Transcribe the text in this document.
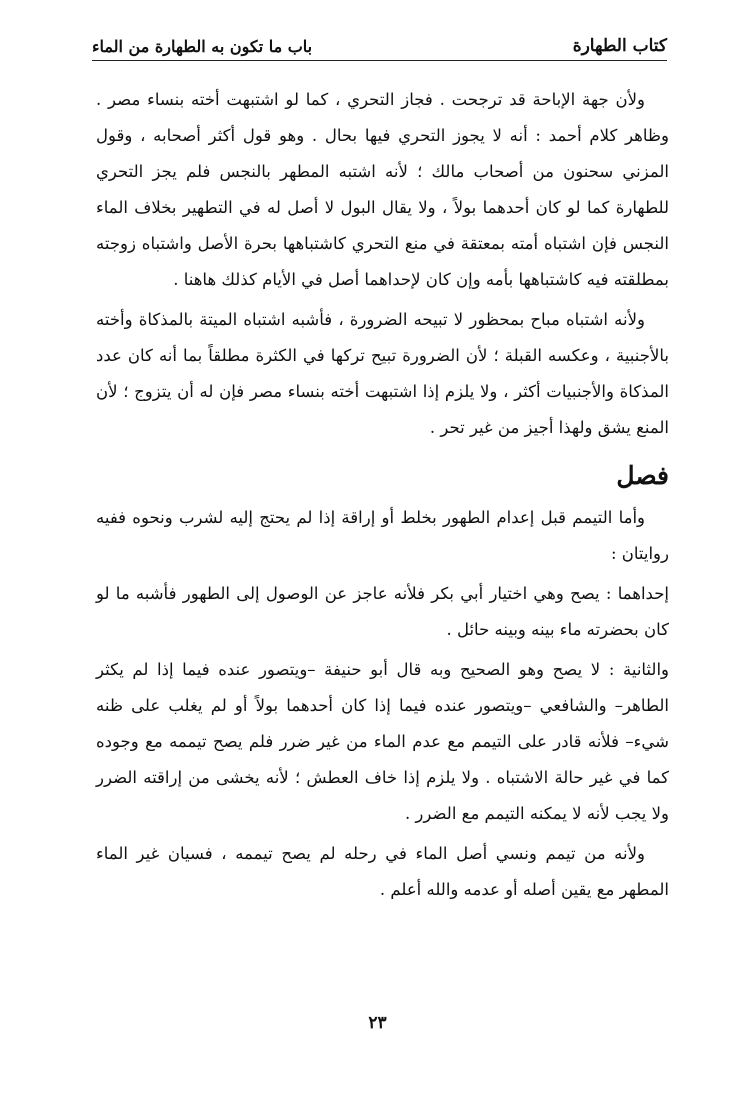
كتاب الطهارة
باب ما تكون به الطهارة من الماء

ولأن جهة الإباحة قد ترجحت . فجاز التحري ، كما لو اشتبهت أخته بنساء مصر . وظاهر كلام أحمد : أنه لا يجوز التحري فيها بحال . وهو قول أكثر أصحابه ، وقول المزني سحنون من أصحاب مالك ؛ لأنه اشتبه المطهر بالنجس فلم يجز التحري للطهارة كما لو كان أحدهما بولاً ، ولا يقال البول لا أصل له في التطهير بخلاف الماء النجس فإن اشتباه أمته بمعتقة في منع التحري كاشتباهها بحرة الأصل واشتباه زوجته بمطلقته فيه كاشتباهها بأمه وإن كان لإحداهما أصل في الأيام كذلك هاهنا .

ولأنه اشتباه مباح بمحظور لا تبيحه الضرورة ، فأشبه اشتباه الميتة بالمذكاة وأخته بالأجنبية ، وعكسه القبلة ؛ لأن الضرورة تبيح تركها في الكثرة مطلقاً بما أنه كان عدد المذكاة والأجنبيات أكثر ، ولا يلزم إذا اشتبهت أخته بنساء مصر فإن له أن يتزوج ؛ لأن المنع يشق ولهذا أجيز من غير تحر .

فصل

وأما التيمم قبل إعدام الطهور بخلط أو إراقة إذا لم يحتج إليه لشرب ونحوه ففيه روايتان :

إحداهما : يصح وهي اختيار أبي بكر فلأنه عاجز عن الوصول إلى الطهور فأشبه ما لو كان بحضرته ماء بينه وبينه حائل .

والثانية : لا يصح وهو الصحيح وبه قال أبو حنيفة –ويتصور عنده فيما إذا لم يكثر الطاهر– والشافعي –ويتصور عنده فيما إذا كان أحدهما بولاً أو لم يغلب على ظنه شيء– فلأنه قادر على التيمم مع عدم الماء من غير ضرر فلم يصح تيممه مع وجوده كما في غير حالة الاشتباه . ولا يلزم إذا خاف العطش ؛ لأنه يخشى من إراقته الضرر ولا يجب لأنه لا يمكنه التيمم مع الضرر .

ولأنه من تيمم ونسي أصل الماء في رحله لم يصح تيممه ، فسيان غير الماء المطهر مع يقين أصله أو عدمه والله أعلم .

٢٣
